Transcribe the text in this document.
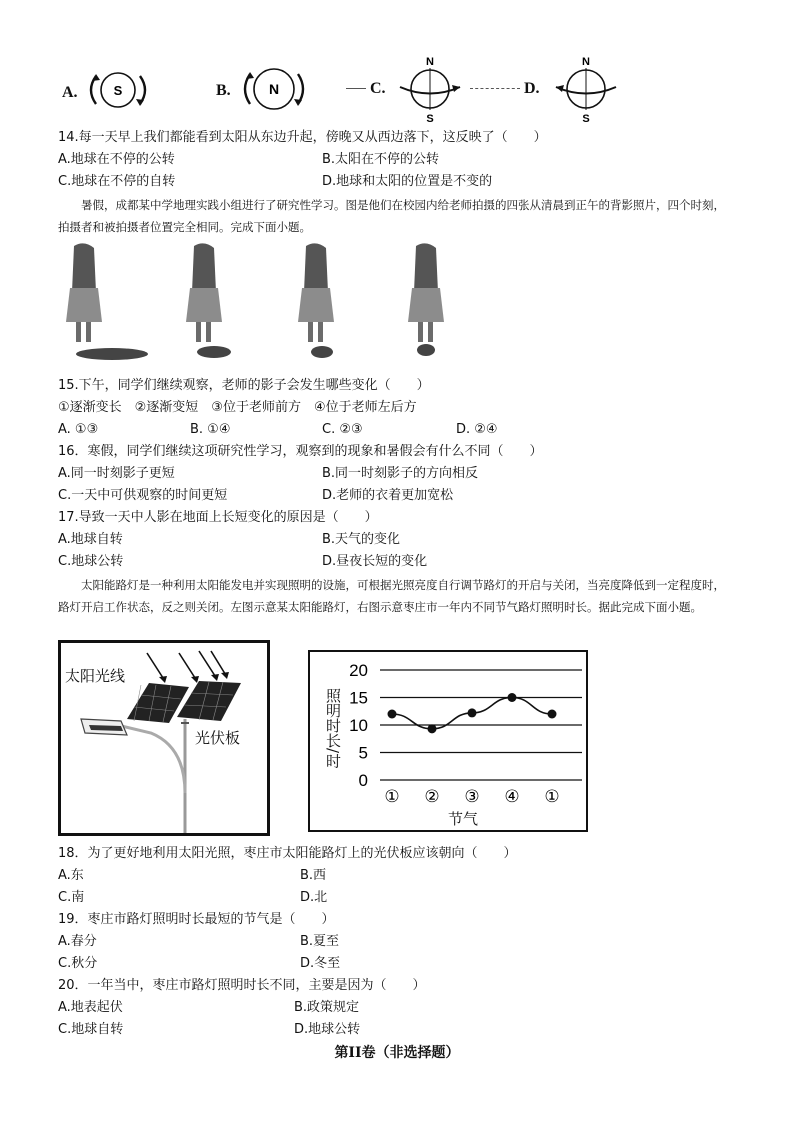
A.	S	B.	N	C.
N
S
D.
N
S
14.每一天早上我们都能看到太阳从东边升起，傍晚又从西边落下，这反映了（　　）
A.地球在不停的公转	B.太阳在不停的公转
C.地球在不停的自转	D.地球和太阳的位置是不变的
暑假，成都某中学地理实践小组进行了研究性学习。图是他们在校园内给老师拍摄的四张从清晨到正午的背影照片，四个时刻，拍摄者和被拍摄者位置完全相同。完成下面小题。
15.下午，同学们继续观察，老师的影子会发生哪些变化（　　）
①逐渐变长　②逐渐变短　③位于老师前方　④位于老师左后方
A. ①③	B. ①④	C. ②③	D. ②④
16．寒假，同学们继续这项研究性学习，观察到的现象和暑假会有什么不同（　　）
A.同一时刻影子更短	B.同一时刻影子的方向相反
C.一天中可供观察的时间更短	D.老师的衣着更加宽松
17.导致一天中人影在地面上长短变化的原因是（　　）
A.地球自转	B.天气的变化
C.地球公转	D.昼夜长短的变化
太阳能路灯是一种利用太阳能发电并实现照明的设施，可根据光照亮度自行调节路灯的开启与关闭，当亮度降低到一定程度时，路灯开启工作状态，反之则关闭。左图示意某太阳能路灯，右图示意枣庄市一年内不同节气路灯照明时长。据此完成下面小题。
太阳光线
光伏板
0
5
10
15
20
① ② ③ ④ ①
照明时长/时
节气
18．为了更好地利用太阳光照，枣庄市太阳能路灯上的光伏板应该朝向（　　）
A.东	B.西
C.南	D.北
19．枣庄市路灯照明时长最短的节气是（　　）
A.春分	B.夏至
C.秋分	D.冬至
20．一年当中，枣庄市路灯照明时长不同，主要是因为（　　）
A.地表起伏	B.政策规定
C.地球自转	D.地球公转
第II卷（非选择题）
